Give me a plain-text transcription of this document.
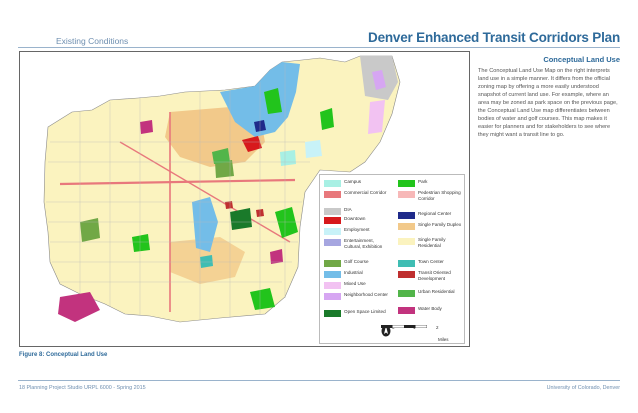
Existing Conditions	Denver Enhanced Transit Corridors Plan
Campus
Commercial Corridor
DIA
Downtown
Employment
Entertainment, Cultural, Exhibition
Golf Course
Industrial
Mixed Use
Neighborhood Center
Open Space Limited
Park
Pedestrian Shopping Corridor
Regional Center
Single Family Duplex
Single Family Residential
Town Center
Transit Oriented Development
Urban Residential
Water Body
2
Miles
Conceptual Land Use
The Conceptual Land Use Map on the right interprets land use in a simple manner. It differs from the official zoning map by offering a more easily understood snapshot of current land use. For example, where an area may be zoned as park space on the previous page, the Conceptual Land Use map differentiates between bodies of water and golf courses. This map makes it easier for planners and for stakeholders to see where they might want a transit line to go.
Figure 8: Conceptual Land Use
18 Planning Project Studio URPL 6000 - Spring 2015	University of Colorado, Denver
